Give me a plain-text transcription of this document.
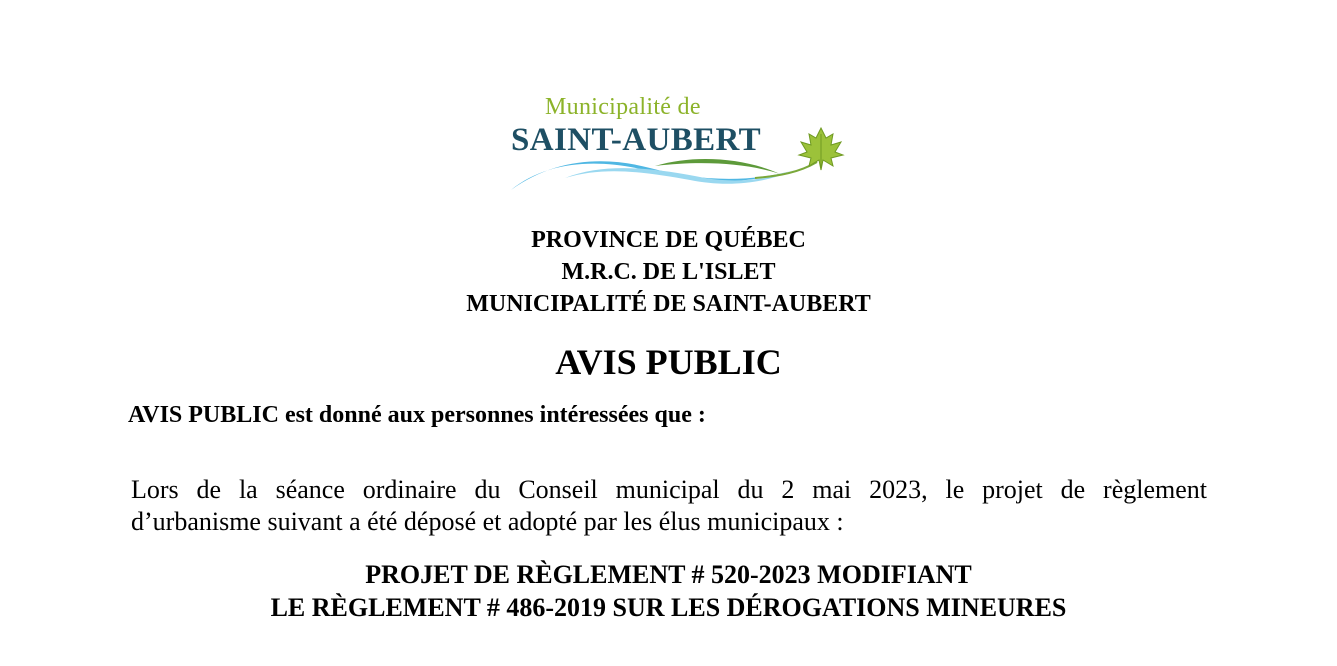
Municipalité de
SAINT-AUBERT
PROVINCE DE QUÉBEC
M.R.C. DE L'ISLET
MUNICIPALITÉ DE SAINT-AUBERT
AVIS PUBLIC
AVIS PUBLIC est donné aux personnes intéressées que :
Lors de la séance ordinaire du Conseil municipal du 2 mai 2023, le projet de règlement
d’urbanisme suivant a été déposé et adopté par les élus municipaux :
PROJET DE RÈGLEMENT # 520-2023 MODIFIANT
LE RÈGLEMENT # 486-2019 SUR LES DÉROGATIONS MINEURES
